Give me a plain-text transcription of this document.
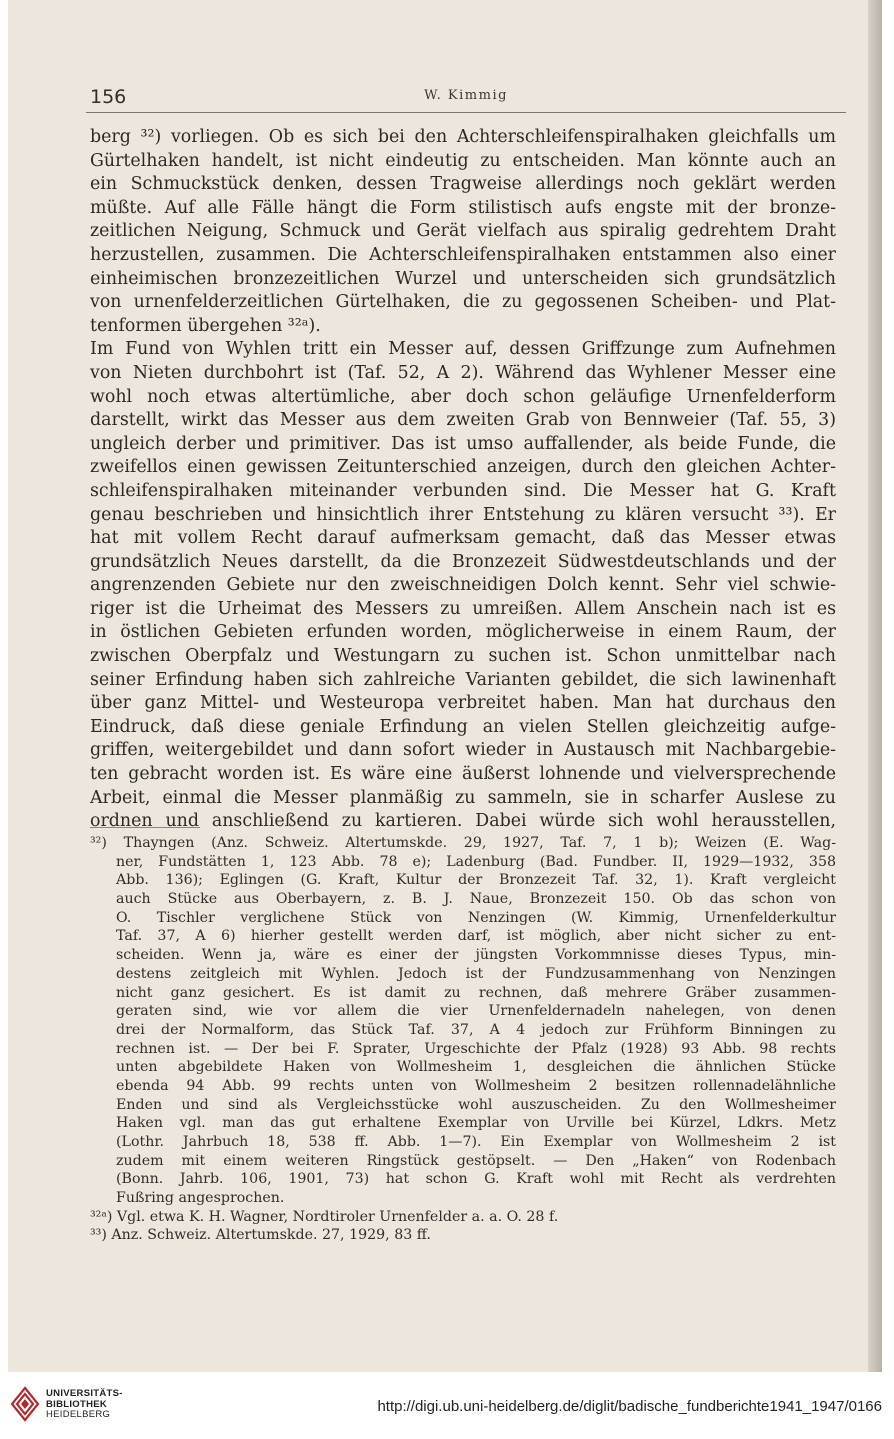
156	W. Kimmig
berg ³²) vorliegen. Ob es sich bei den Achterschleifenspiralhaken gleichfalls um
Gürtelhaken handelt, ist nicht eindeutig zu entscheiden. Man könnte auch an
ein Schmuckstück denken, dessen Tragweise allerdings noch geklärt werden
müßte. Auf alle Fälle hängt die Form stilistisch aufs engste mit der bronze-
zeitlichen Neigung, Schmuck und Gerät vielfach aus spiralig gedrehtem Draht
herzustellen, zusammen. Die Achterschleifenspiralhaken entstammen also einer
einheimischen bronzezeitlichen Wurzel und unterscheiden sich grundsätzlich
von urnenfelderzeitlichen Gürtelhaken, die zu gegossenen Scheiben- und Plat-
tenformen übergehen ³²ᵃ).
Im Fund von Wyhlen tritt ein Messer auf, dessen Griffzunge zum Aufnehmen
von Nieten durchbohrt ist (Taf. 52, A 2). Während das Wyhlener Messer eine
wohl noch etwas altertümliche, aber doch schon geläufige Urnenfelderform
darstellt, wirkt das Messer aus dem zweiten Grab von Bennweier (Taf. 55, 3)
ungleich derber und primitiver. Das ist umso auffallender, als beide Funde, die
zweifellos einen gewissen Zeitunterschied anzeigen, durch den gleichen Achter-
schleifenspiralhaken miteinander verbunden sind. Die Messer hat G. Kraft
genau beschrieben und hinsichtlich ihrer Entstehung zu klären versucht ³³). Er
hat mit vollem Recht darauf aufmerksam gemacht, daß das Messer etwas
grundsätzlich Neues darstellt, da die Bronzezeit Südwestdeutschlands und der
angrenzenden Gebiete nur den zweischneidigen Dolch kennt. Sehr viel schwie-
riger ist die Urheimat des Messers zu umreißen. Allem Anschein nach ist es
in östlichen Gebieten erfunden worden, möglicherweise in einem Raum, der
zwischen Oberpfalz und Westungarn zu suchen ist. Schon unmittelbar nach
seiner Erfindung haben sich zahlreiche Varianten gebildet, die sich lawinenhaft
über ganz Mittel- und Westeuropa verbreitet haben. Man hat durchaus den
Eindruck, daß diese geniale Erfindung an vielen Stellen gleichzeitig aufge-
griffen, weitergebildet und dann sofort wieder in Austausch mit Nachbargebie-
ten gebracht worden ist. Es wäre eine äußerst lohnende und vielversprechende
Arbeit, einmal die Messer planmäßig zu sammeln, sie in scharfer Auslese zu
ordnen und anschließend zu kartieren. Dabei würde sich wohl herausstellen,
³²) Thayngen (Anz. Schweiz. Altertumskde. 29, 1927, Taf. 7, 1 b); Weizen (E. Wag-
ner, Fundstätten 1, 123 Abb. 78 e); Ladenburg (Bad. Fundber. II, 1929—1932, 358
Abb. 136); Eglingen (G. Kraft, Kultur der Bronzezeit Taf. 32, 1). Kraft vergleicht
auch Stücke aus Oberbayern, z. B. J. Naue, Bronzezeit 150. Ob das schon von
O. Tischler verglichene Stück von Nenzingen (W. Kimmig, Urnenfelderkultur
Taf. 37, A 6) hierher gestellt werden darf, ist möglich, aber nicht sicher zu ent-
scheiden. Wenn ja, wäre es einer der jüngsten Vorkommnisse dieses Typus, min-
destens zeitgleich mit Wyhlen. Jedoch ist der Fundzusammenhang von Nenzingen
nicht ganz gesichert. Es ist damit zu rechnen, daß mehrere Gräber zusammen-
geraten sind, wie vor allem die vier Urnenfeldernadeln nahelegen, von denen
drei der Normalform, das Stück Taf. 37, A 4 jedoch zur Frühform Binningen zu
rechnen ist. — Der bei F. Sprater, Urgeschichte der Pfalz (1928) 93 Abb. 98 rechts
unten abgebildete Haken von Wollmesheim 1, desgleichen die ähnlichen Stücke
ebenda 94 Abb. 99 rechts unten von Wollmesheim 2 besitzen rollennadelähnliche
Enden und sind als Vergleichsstücke wohl auszuscheiden. Zu den Wollmesheimer
Haken vgl. man das gut erhaltene Exemplar von Urville bei Kürzel, Ldkrs. Metz
(Lothr. Jahrbuch 18, 538 ff. Abb. 1—7). Ein Exemplar von Wollmesheim 2 ist
zudem mit einem weiteren Ringstück gestöpselt. — Den „Haken“ von Rodenbach
(Bonn. Jahrb. 106, 1901, 73) hat schon G. Kraft wohl mit Recht als verdrehten
Fußring angesprochen.
³²ᵃ) Vgl. etwa K. H. Wagner, Nordtiroler Urnenfelder a. a. O. 28 f.
³³) Anz. Schweiz. Altertumskde. 27, 1929, 83 ff.
UNIVERSITÄTS-
BIBLIOTHEK
HEIDELBERG	http://digi.ub.uni-heidelberg.de/diglit/badische_fundberichte1941_1947/0166
